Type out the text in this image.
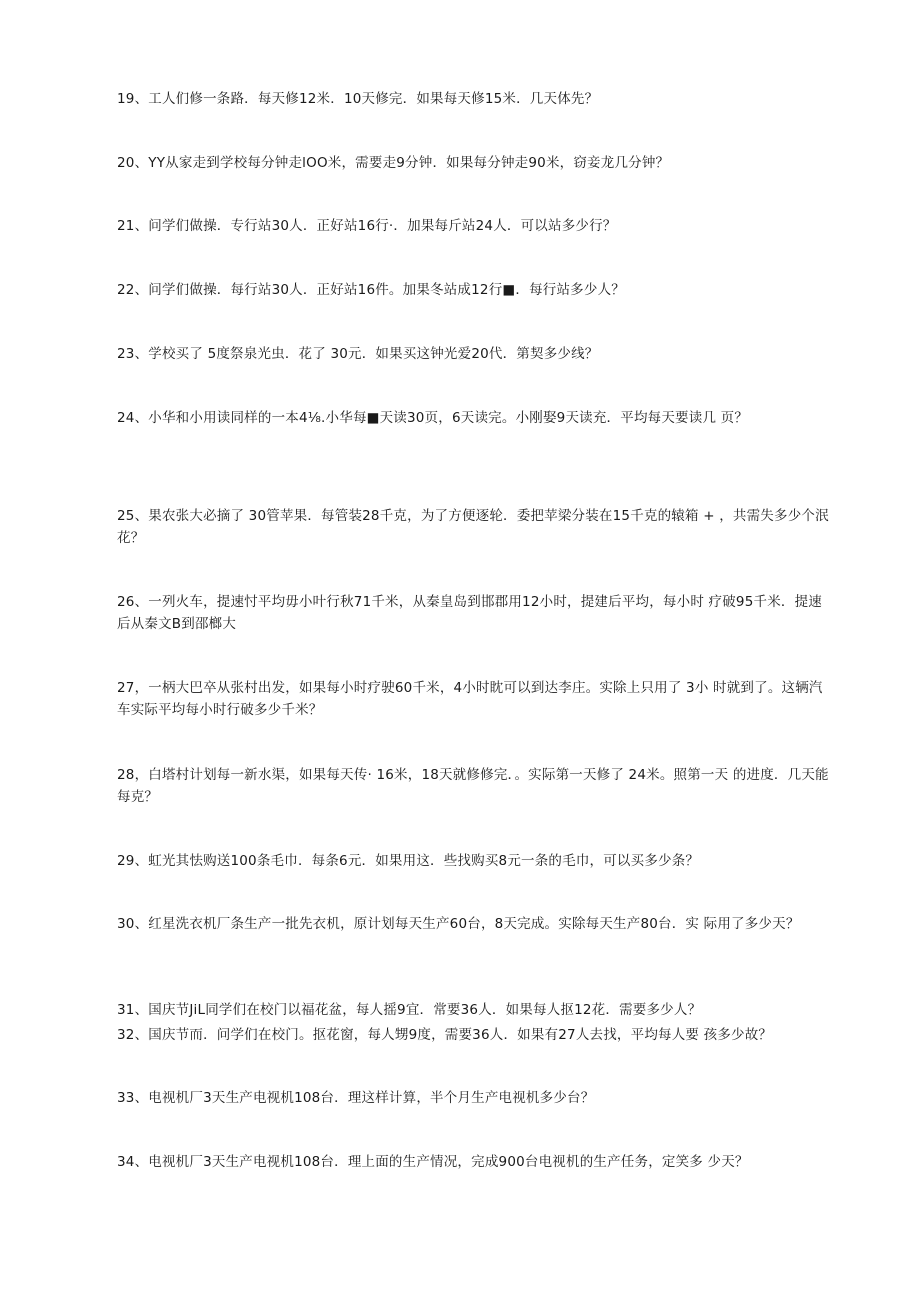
19、工人们修一条路．每天修12米．10天修完．如果每天修15米．几天体先？

20、YY从家走到学校每分钟走lOO米，需要走9分钟．如果每分钟走90米，窃妾龙几分钟？

21、问学们做操．专行站30人．正好站16行·．加果每斤站24人．可以站多少行？

22、问学们做操．每行站30人．正好站16件。加果冬站成12行■．每行站多少人？

23、学校买了 5度祭泉光虫．花了 30元．如果买这钟光爱20代．第契多少线？

24、小华和小用读同样的一本4⅛.小华每■天读30页，6天读完。小刚娶9天读充．平均每天要读几 页？

25、果农张大必摘了 30管苹果．每管装28千克，为了方便逐轮．委把苹梁分装在15千克的辕箱 + ，共需失多少个泯花？

26、一列火车，提速忖平均毋小叶行秋71千米，从秦皇岛到邯郡用12小时，提建后平均，每小时 疗破95千米．提速后从秦文B到邵榔大

27，一柄大巴卒从张村出发，如果每小时疗驶60千米，4小时眈可以到达李庄。实除上只用了 3小 时就到了。这辆汽车实际平均每小时行破多少千米？

28，白塔村计划每一新水渠，如果每天传· 16米，18天就修修完．。实际第一天修了 24米。照第一天 的进度．几天能每克？

29、虹光其怯购送100条毛巾．每条6元．如果用这．些找购买8元一条的毛巾，可以买多少条？

30、红星洗衣机厂条生产一批先衣机，原计划每天生产60台，8天完成。实除每天生产80台．实 际用了多少天？

31、国庆节JiL同学们在校门以福花盆，每人摇9宜．常要36人．如果每人抠12花．需要多少人？

32、国庆节而．问学们在校门。抠花窗，每人甥9度，需要36人．如果有27人去找，平均每人要 孩多少故？

33、电视机厂3天生产电视机108台．理这样计算，半个月生产电视机多少台？

34、电视机厂3天生产电视机108台．理上面的生产情况，完成900台电视机的生产任务，定笑多 少天？
